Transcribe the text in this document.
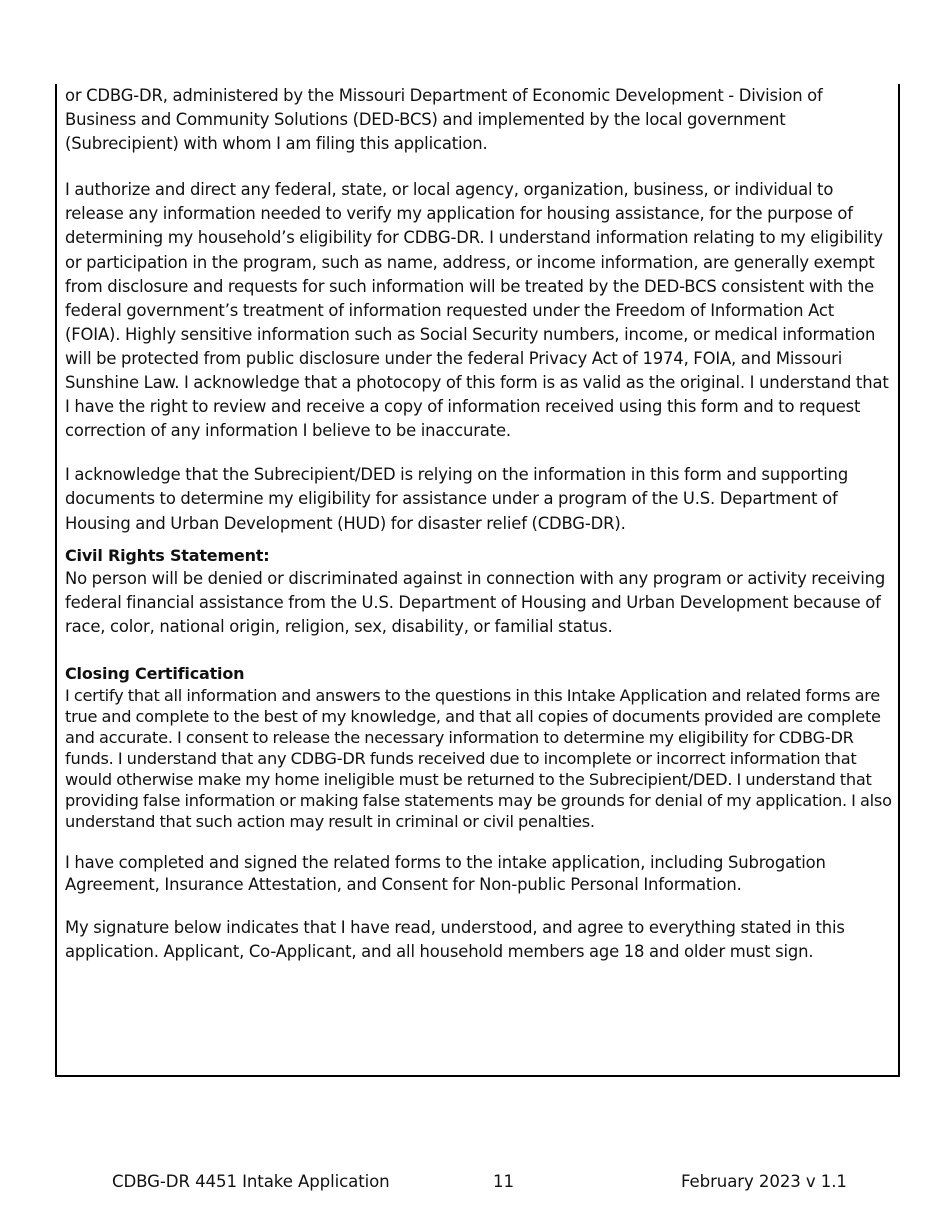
or CDBG-DR, administered by the Missouri Department of Economic Development - Division of Business and Community Solutions (DED-BCS) and implemented by the local government (Subrecipient) with whom I am filing this application.

I authorize and direct any federal, state, or local agency, organization, business, or individual to release any information needed to verify my application for housing assistance, for the purpose of determining my household’s eligibility for CDBG-DR. I understand information relating to my eligibility or participation in the program, such as name, address, or income information, are generally exempt from disclosure and requests for such information will be treated by the DED-BCS consistent with the federal government’s treatment of information requested under the Freedom of Information Act (FOIA). Highly sensitive information such as Social Security numbers, income, or medical information will be protected from public disclosure under the federal Privacy Act of 1974, FOIA, and Missouri Sunshine Law. I acknowledge that a photocopy of this form is as valid as the original. I understand that I have the right to review and receive a copy of information received using this form and to request correction of any information I believe to be inaccurate.

I acknowledge that the Subrecipient/DED is relying on the information in this form and supporting documents to determine my eligibility for assistance under a program of the U.S. Department of Housing and Urban Development (HUD) for disaster relief (CDBG-DR).

Civil Rights Statement:

No person will be denied or discriminated against in connection with any program or activity receiving federal financial assistance from the U.S. Department of Housing and Urban Development because of race, color, national origin, religion, sex, disability, or familial status.

Closing Certification

I certify that all information and answers to the questions in this Intake Application and related forms are true and complete to the best of my knowledge, and that all copies of documents provided are complete and accurate. I consent to release the necessary information to determine my eligibility for CDBG-DR funds. I understand that any CDBG-DR funds received due to incomplete or incorrect information that would otherwise make my home ineligible must be returned to the Subrecipient/DED. I understand that providing false information or making false statements may be grounds for denial of my application. I also understand that such action may result in criminal or civil penalties.

I have completed and signed the related forms to the intake application, including Subrogation Agreement, Insurance Attestation, and Consent for Non-public Personal Information.

My signature below indicates that I have read, understood, and agree to everything stated in this application. Applicant, Co-Applicant, and all household members age 18 and older must sign.

CDBG-DR 4451 Intake Application	11	February 2023 v 1.1
